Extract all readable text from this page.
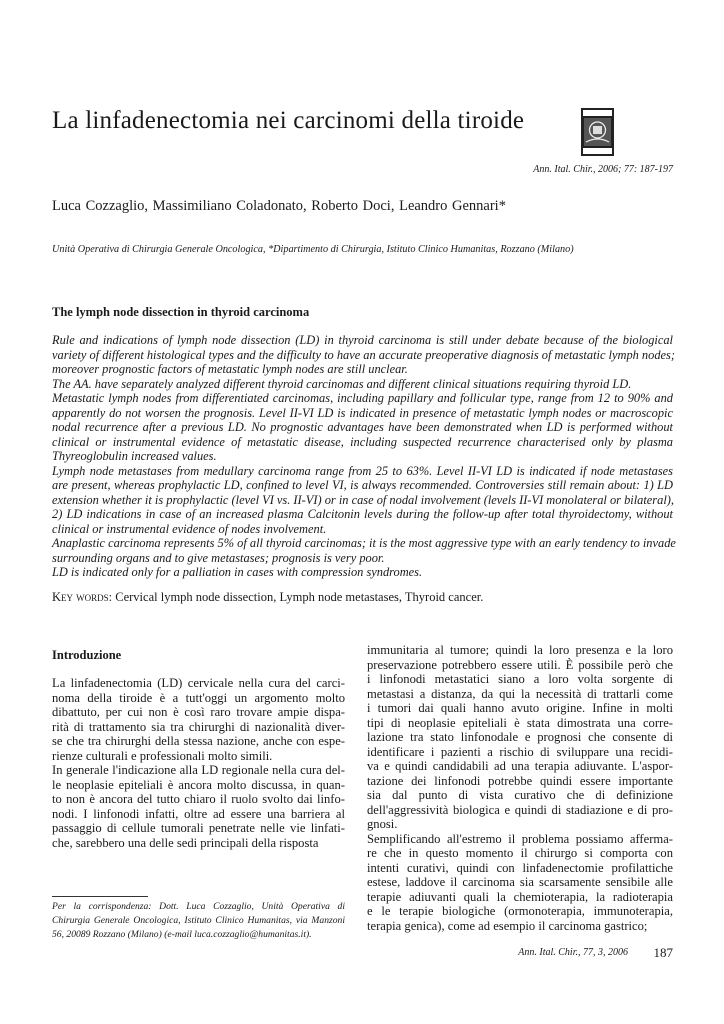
La linfadenectomia nei carcinomi della tiroide
Ann. Ital. Chir., 2006; 77: 187-197
Luca Cozzaglio, Massimiliano Coladonato, Roberto Doci, Leandro Gennari*
Unità Operativa di Chirurgia Generale Oncologica, *Dipartimento di Chirurgia, Istituto Clinico Humanitas, Rozzano (Milano)
The lymph node dissection in thyroid carcinoma
Rule and indications of lymph node dissection (LD) in thyroid carcinoma is still under debate because of the biological
variety of different histological types and the difficulty to have an accurate preoperative diagnosis of metastatic lymph nodes;
moreover prognostic factors of metastatic lymph nodes are still unclear.
The AA. have separately analyzed different thyroid carcinomas and different clinical situations requiring thyroid LD.
Metastatic lymph nodes from differentiated carcinomas, including papillary and follicular type, range from 12 to 90% and
apparently do not worsen the prognosis. Level II-VI LD is indicated in presence of metastatic lymph nodes or macroscopic
nodal recurrence after a previous LD. No prognostic advantages have been demonstrated when LD is performed without
clinical or instrumental evidence of metastatic disease, including suspected recurrence characterised only by plasma
Thyreoglobulin increased values.
Lymph node metastases from medullary carcinoma range from 25 to 63%. Level II-VI LD is indicated if node metastases
are present, whereas prophylactic LD, confined to level VI, is always recommended. Controversies still remain about: 1) LD
extension whether it is prophylactic (level VI vs. II-VI) or in case of nodal involvement (levels II-VI monolateral or bilateral),
2) LD indications in case of an increased plasma Calcitonin levels during the follow-up after total thyroidectomy, without
clinical or instrumental evidence of nodes involvement.
Anaplastic carcinoma represents 5% of all thyroid carcinomas; it is the most aggressive type with an early tendency to invade
surrounding organs and to give metastases; prognosis is very poor.
LD is indicated only for a palliation in cases with compression syndromes.
Key words: Cervical lymph node dissection, Lymph node metastases, Thyroid cancer.
Introduzione
La linfadenectomia (LD) cervicale nella cura del carci-
noma della tiroide è a tutt'oggi un argomento molto
dibattuto, per cui non è così raro trovare ampie dispa-
rità di trattamento sia tra chirurghi di nazionalità diver-
se che tra chirurghi della stessa nazione, anche con espe-
rienze culturali e professionali molto simili.
In generale l'indicazione alla LD regionale nella cura del-
le neoplasie epiteliali è ancora molto discussa, in quan-
to non è ancora del tutto chiaro il ruolo svolto dai linfo-
nodi. I linfonodi infatti, oltre ad essere una barriera al
passaggio di cellule tumorali penetrate nelle vie linfati-
che, sarebbero una delle sedi principali della risposta
immunitaria al tumore; quindi la loro presenza e la loro
preservazione potrebbero essere utili. È possibile però che
i linfonodi metastatici siano a loro volta sorgente di
metastasi a distanza, da qui la necessità di trattarli come
i tumori dai quali hanno avuto origine. Infine in molti
tipi di neoplasie epiteliali è stata dimostrata una corre-
lazione tra stato linfonodale e prognosi che consente di
identificare i pazienti a rischio di sviluppare una recidi-
va e quindi candidabili ad una terapia adiuvante. L'aspor-
tazione dei linfonodi potrebbe quindi essere importante
sia dal punto di vista curativo che di definizione
dell'aggressività biologica e quindi di stadiazione e di pro-
gnosi.
Semplificando all'estremo il problema possiamo afferma-
re che in questo momento il chirurgo si comporta con
intenti curativi, quindi con linfadenectomie profilattiche
estese, laddove il carcinoma sia scarsamente sensibile alle
terapie adiuvanti quali la chemioterapia, la radioterapia
e le terapie biologiche (ormonoterapia, immunoterapia,
terapia genica), come ad esempio il carcinoma gastrico;
Per la corrispondenza: Dott. Luca Cozzaglio, Unità Operativa di
Chirurgia Generale Oncologica, Istituto Clinico Humanitas, via Manzoni
56, 20089 Rozzano (Milano) (e-mail luca.cozzaglio@humanitas.it).
Ann. Ital. Chir., 77, 3, 2006 187
